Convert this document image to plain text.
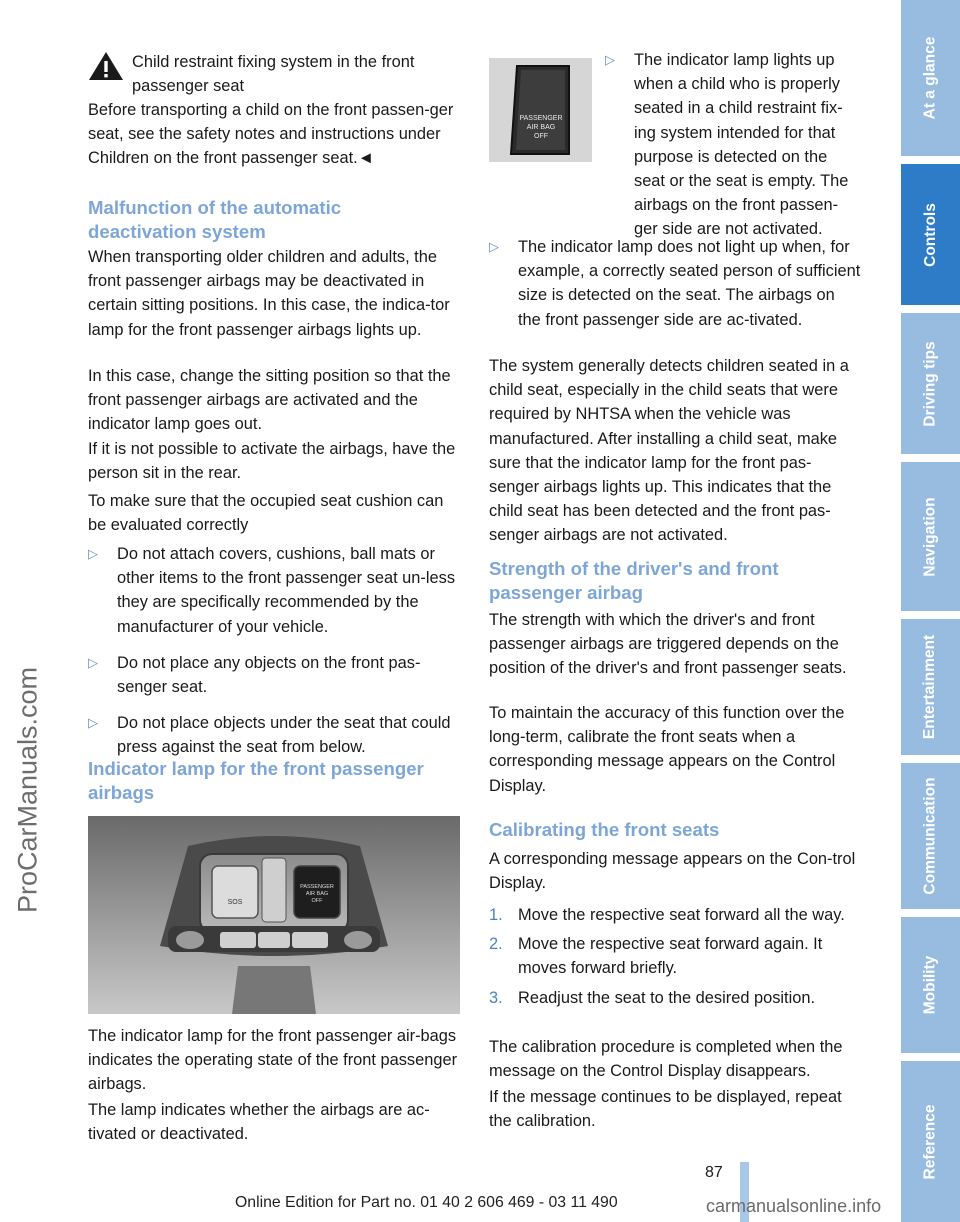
ProCarManuals.com
Child restraint fixing system in the front passenger seat

Before transporting a child on the front passen-ger seat, see the safety notes and instructions under Children on the front passenger seat.◄

Malfunction of the automatic deactivation system

When transporting older children and adults, the front passenger airbags may be deactivated in certain sitting positions. In this case, the indica-tor lamp for the front passenger airbags lights up.

In this case, change the sitting position so that the front passenger airbags are activated and the indicator lamp goes out.

If it is not possible to activate the airbags, have the person sit in the rear.

To make sure that the occupied seat cushion can be evaluated correctly

▷ Do not attach covers, cushions, ball mats or other items to the front passenger seat un-less they are specifically recommended by the manufacturer of your vehicle.
▷ Do not place any objects on the front pas-senger seat.
▷ Do not place objects under the seat that could press against the seat from below.
Indicator lamp for the front passenger airbags
SOS
PASSENGER
AIR BAG
OFF

The indicator lamp for the front passenger air-bags indicates the operating state of the front passenger airbags.

The lamp indicates whether the airbags are ac-tivated or deactivated.

PASSENGER
AIR BAG
OFF
▷ The indicator lamp lights up when a child who is properly seated in a child restraint fix-ing system intended for that purpose is detected on the seat or the seat is empty. The airbags on the front passen-ger side are not activated.
▷ The indicator lamp does not light up when, for example, a correctly seated person of sufficient size is detected on the seat. The airbags on the front passenger side are ac-tivated.

The system generally detects children seated in a child seat, especially in the child seats that were required by NHTSA when the vehicle was manufactured. After installing a child seat, make sure that the indicator lamp for the front pas-senger airbags lights up. This indicates that the child seat has been detected and the front pas-senger airbags are not activated.

Strength of the driver's and front passenger airbag

The strength with which the driver's and front passenger airbags are triggered depends on the position of the driver's and front passenger seats.

To maintain the accuracy of this function over the long-term, calibrate the front seats when a corresponding message appears on the Control Display.

Calibrating the front seats

A corresponding message appears on the Con-trol Display.

1. Move the respective seat forward all the way.
2. Move the respective seat forward again. It moves forward briefly.
3. Readjust the seat to the desired position.

The calibration procedure is completed when the message on the Control Display disappears.

If the message continues to be displayed, repeat the calibration.

At a glance
Controls
Driving tips
Navigation
Entertainment
Communication
Mobility
Reference
87
Online Edition for Part no. 01 40 2 606 469 - 03 11 490	carmanualsonline.info
